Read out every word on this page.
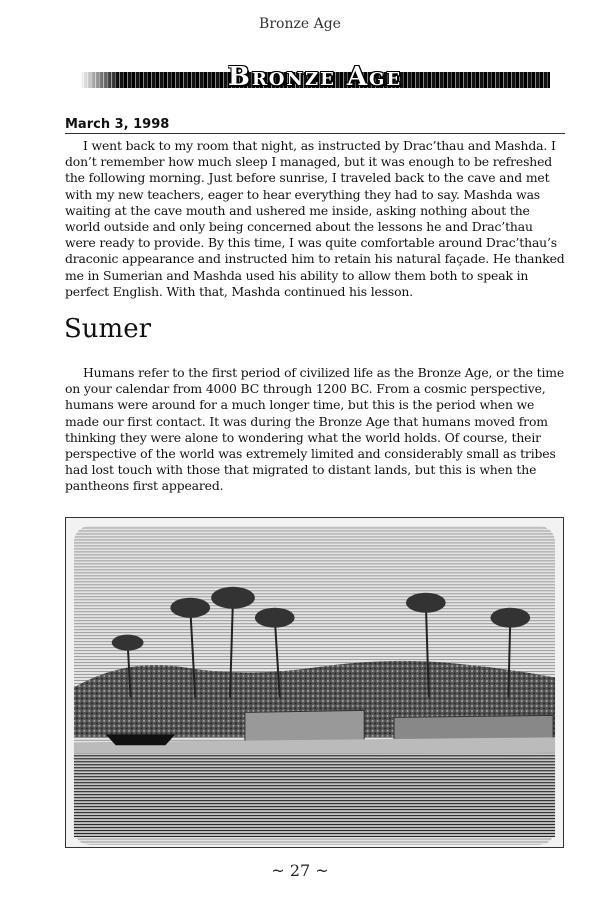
Bronze Age
Bronze Age
March 3, 1998
I went back to my room that night, as instructed by Drac’thau and Mashda. I don’t remember how much sleep I managed, but it was enough to be refreshed the following morning. Just before sunrise, I traveled back to the cave and met with my new teachers, eager to hear everything they had to say. Mashda was waiting at the cave mouth and ushered me inside, asking nothing about the world outside and only being concerned about the lessons he and Drac’thau were ready to provide. By this time, I was quite comfortable around Drac’thau’s draconic appearance and instructed him to retain his natural façade. He thanked me in Sumerian and Mashda used his ability to allow them both to speak in perfect English. With that, Mashda continued his lesson.
Sumer
Humans refer to the first period of civilized life as the Bronze Age, or the time on your calendar from 4000 BC through 1200 BC. From a cosmic perspective, humans were around for a much longer time, but this is the period when we made our first contact. It was during the Bronze Age that humans moved from thinking they were alone to wondering what the world holds. Of course, their perspective of the world was extremely limited and considerably small as tribes had lost touch with those that migrated to distant lands, but this is when the pantheons first appeared.
~ 27 ~
